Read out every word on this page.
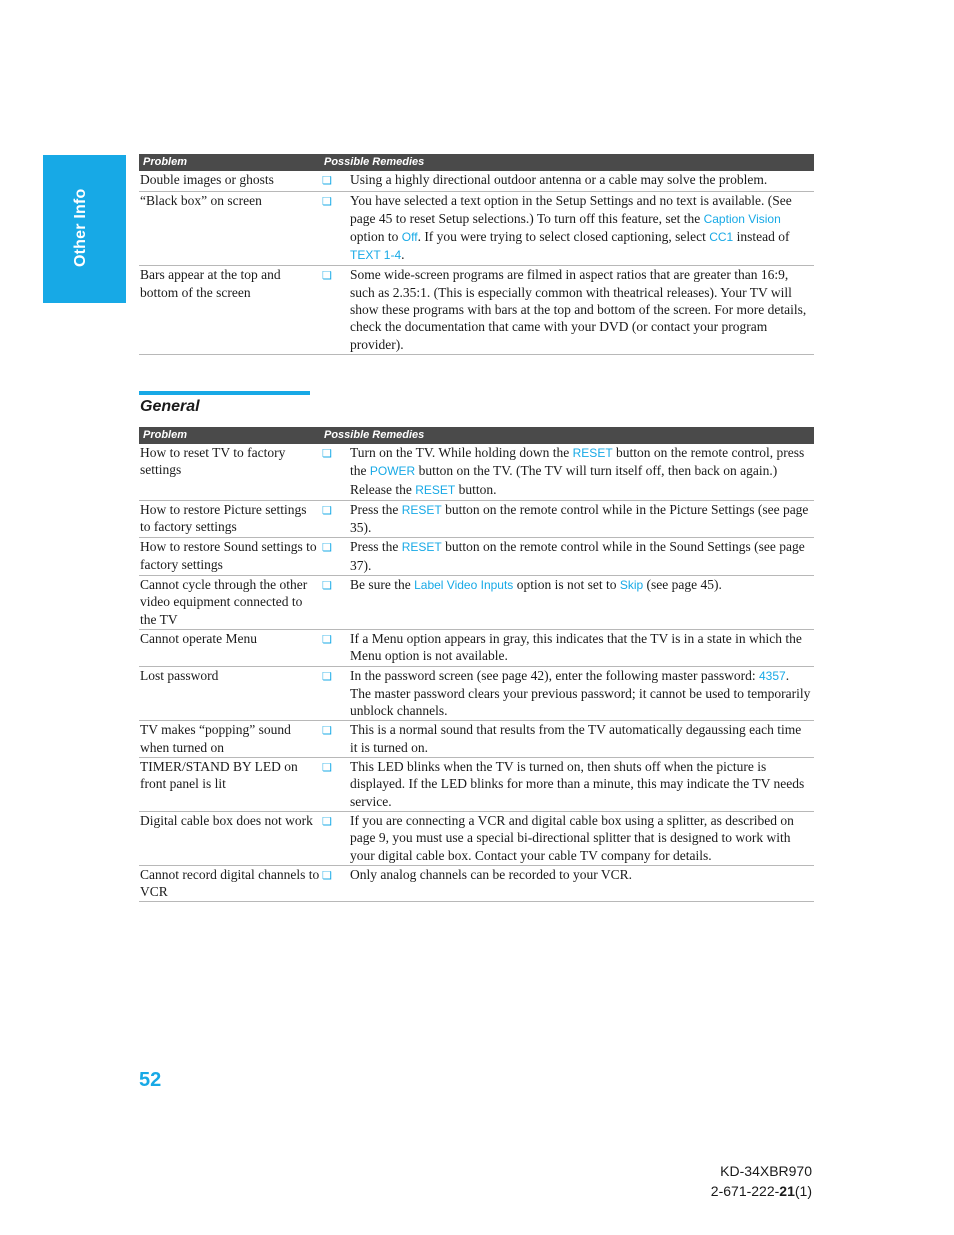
Other Info
Problem	Possible Remedies	
Double images or ghosts	❏	Using a highly directional outdoor antenna or a cable may solve the problem.
“Black box” on screen	❏	You have selected a text option in the Setup Settings and no text is available. (See page 45 to reset Setup selections.) To turn off this feature, set the Caption Vision option to Off. If you were trying to select closed captioning, select CC1 instead of TEXT 1-4.
Bars appear at the top and bottom of the screen	❏	Some wide-screen programs are filmed in aspect ratios that are greater than 16:9, such as 2.35:1. (This is especially common with theatrical releases). Your TV will show these programs with bars at the top and bottom of the screen. For more details, check the documentation that came with your DVD (or contact your program provider).
General
Problem	Possible Remedies	
How to reset TV to factory settings	❏	Turn on the TV. While holding down the RESET button on the remote control, press the POWER button on the TV. (The TV will turn itself off, then back on again.) Release the RESET button.
How to restore Picture settings to factory settings	❏	Press the RESET button on the remote control while in the Picture Settings (see page 35).
How to restore Sound settings to factory settings	❏	Press the RESET button on the remote control while in the Sound Settings (see page 37).
Cannot cycle through the other video equipment connected to the TV	❏	Be sure the Label Video Inputs option is not set to Skip (see page 45).
Cannot operate Menu	❏	If a Menu option appears in gray, this indicates that the TV is in a state in which the Menu option is not available.
Lost password	❏	In the password screen (see page 42), enter the following master password: 4357. The master password clears your previous password; it cannot be used to temporarily unblock channels.
TV makes “popping” sound when turned on	❏	This is a normal sound that results from the TV automatically degaussing each time it is turned on.
TIMER/STAND BY LED on front panel is lit	❏	This LED blinks when the TV is turned on, then shuts off when the picture is displayed. If the LED blinks for more than a minute, this may indicate the TV needs service.
Digital cable box does not work	❏	If you are connecting a VCR and digital cable box using a splitter, as described on page 9, you must use a special bi-directional splitter that is designed to work with your digital cable box. Contact your cable TV company for details.
Cannot record digital channels to VCR	❏	Only analog channels can be recorded to your VCR.
52
KD-34XBR970
2-671-222-21(1)
